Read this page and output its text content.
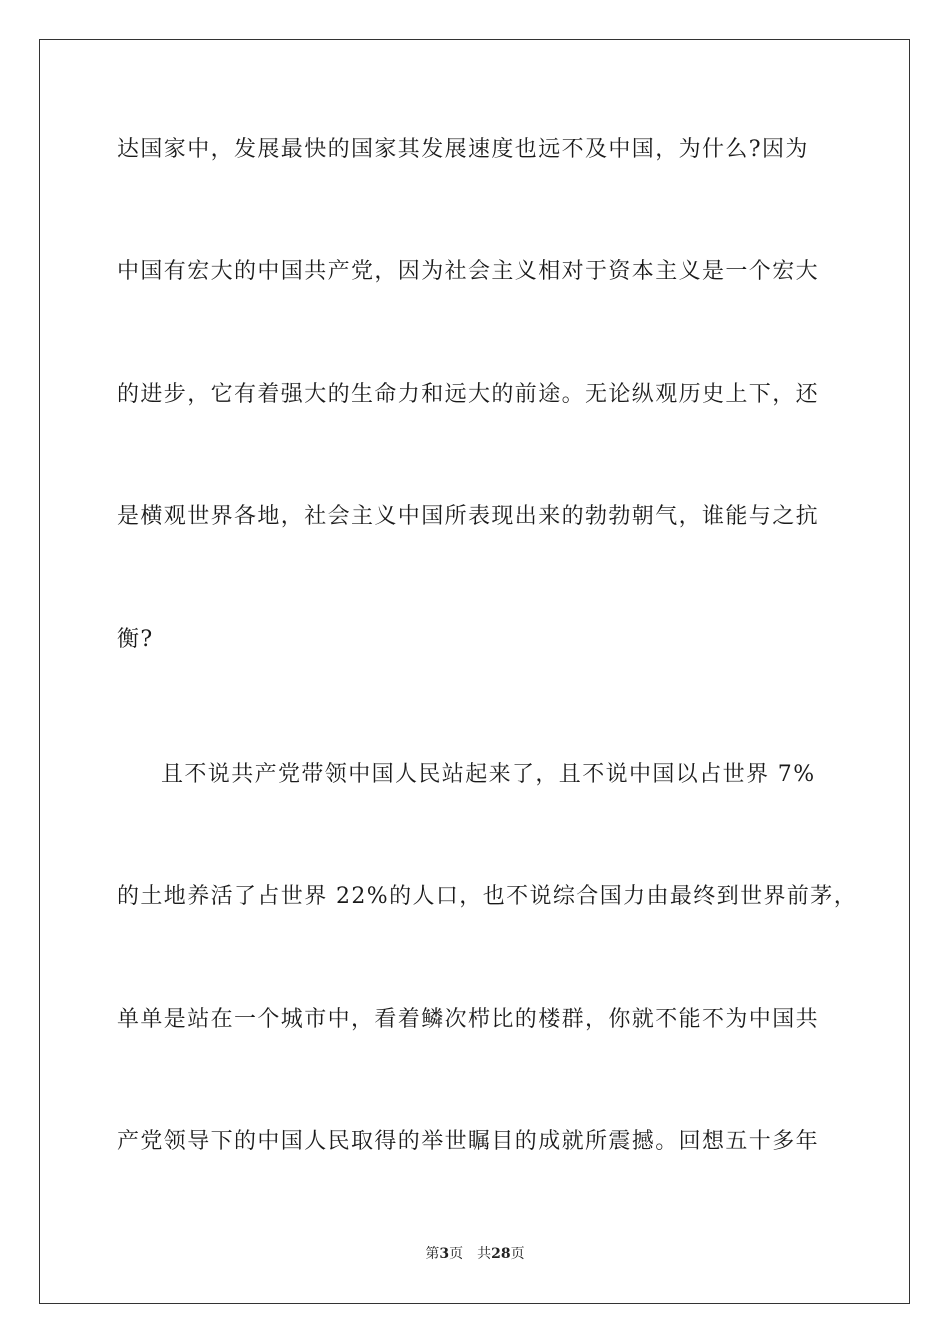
达国家中，发展最快的国家其发展速度也远不及中国，为什么?因为
中国有宏大的中国共产党，因为社会主义相对于资本主义是一个宏大
的进步，它有着强大的生命力和远大的前途。无论纵观历史上下，还
是横观世界各地，社会主义中国所表现出来的勃勃朝气，谁能与之抗
衡?
且不说共产党带领中国人民站起来了，且不说中国以占世界 7%
的土地养活了占世界 22%的人口，也不说综合国力由最终到世界前茅，
单单是站在一个城市中，看着鳞次栉比的楼群，你就不能不为中国共
产党领导下的中国人民取得的举世瞩目的成就所震撼。回想五十多年
第3页 共28页
